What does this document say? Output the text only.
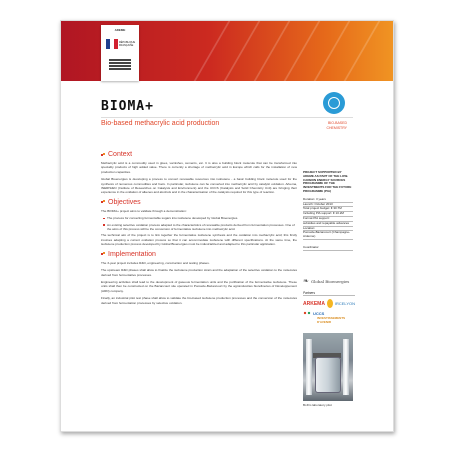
ADEME
RÉPUBLIQUE FRANÇAISE
BIOMA+
Bio-based methacrylic acid production	BIO-BASED
CHEMISTRY
Context

Methacrylic acid is a commodity used in glues, varnishes, cements, etc. It is also a building block molecule that can be transformed into speciality products of high added value. There is currently a shortage of methacrylic acid in Europe which calls for the installation of new production capacities.

Global Bioenergies is developing a process to convert renewable resources into isobutene - a basic building block molecule used for the synthesis of numerous commodities and fuels. In particular, isobutene can be converted into methacrylic acid by catalytic oxidation. Arkema, INERIS/EN (Institute of Researches on Catalysis and Environment) and the UCCS (Catalysis and Solid Chemistry Unit) are bringing their experience in the oxidation of alkenes and alcohols and in the characterisation of the catalysts required for this type of reaction.

Objectives

The BIOMA+ project aims to validate through a demonstration:

The process for converting fermentable sugars into isobutene developed by Global Bioenergies.
An existing selective oxidation process adapted to the characteristics of renewable products derived from fermentation processes. One of the aims of this process will be the conversion of fermentative isobutene into methacrylic acid.

The technical aim of the project is to link together the fermentative isobutene synthesis and the oxidation into methacrylic acid; this firstly involves adapting a current oxidation process so that it can accommodate isobutene with different specifications. At the same time, the isobutene production process developed by Global Bioenergies must be industrialized and adapted to this particular application.

Implementation

The 3-year project includes R&D, engineering, construction and testing phases.

The upstream R&D phases shall allow to finalize the isobutene production strain and the adaptation of the selective oxidation to the molecules derived from fermentative processes.

Engineering activities shall lead to the development of gaseous fermentation units and the purification of the fermentative isobutene. These units shall then be constructed on the Bazancourt site operated in Pomacle-Bazancourt by the agroindustries biorefineries of Développement (ARD) company.

Finally, an industrial pilot test phase shall allow to validate the bio-based isobutene production processes and the conversion of the molecules derived from fermentation processes by selective oxidation.

PROJECT SUPPORTED BY ADEME AS PART OF THE LOW-CARBON ENERGY SOURCES PROGRAMME OF THE INVESTMENTS FOR THE FUTURE PROGRAMME (PIA)
Duration: 3 years
Launch: October 2013
Total project budget: € 30.7M
Including PIA support: € 10.2M
Format PIA support:
subsidies and repayable advances
Location:
Pomacle-Bazancourt (Champagne-Ardenne)
Coordinator
❧ Global Bioenergies
Partners
ARKEMA IRCELYON
UCCS
INVESTISSEMENTS D'AVENIR
Bi-film laboratory pilot
